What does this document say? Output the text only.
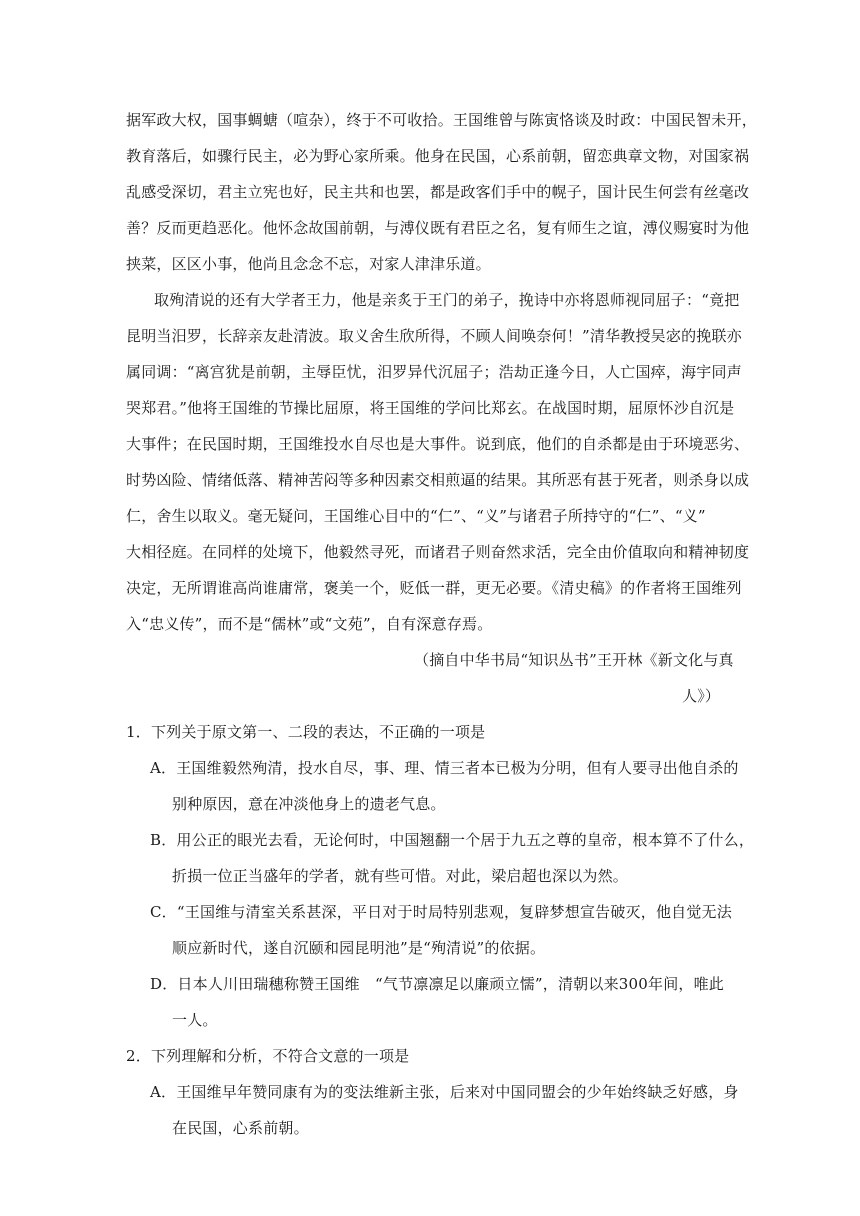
据军政大权，国事蜩螗（喧杂），终于不可收拾。王国维曾与陈寅恪谈及时政：中国民智未开，
教育落后，如骤行民主，必为野心家所乘。他身在民国，心系前朝，留恋典章文物，对国家祸
乱感受深切，君主立宪也好，民主共和也罢，都是政客们手中的幌子，国计民生何尝有丝毫改
善？反而更趋恶化。他怀念故国前朝，与溥仪既有君臣之名，复有师生之谊，溥仪赐宴时为他
挟菜，区区小事，他尚且念念不忘，对家人津津乐道。
取殉清说的还有大学者王力，他是亲炙于王门的弟子，挽诗中亦将恩师视同屈子：“竟把
昆明当汨罗，长辞亲友赴清波。取义舍生欣所得，不顾人间唤奈何！”清华教授吴宓的挽联亦
属同调：“离宫犹是前朝，主辱臣忧，汨罗异代沉屈子；浩劫正逢今日，人亡国瘁，海宇同声
哭郑君。”他将王国维的节操比屈原，将王国维的学问比郑玄。在战国时期，屈原怀沙自沉是
大事件；在民国时期，王国维投水自尽也是大事件。说到底，他们的自杀都是由于环境恶劣、
时势凶险、情绪低落、精神苦闷等多种因素交相煎逼的结果。其所恶有甚于死者，则杀身以成
仁，舍生以取义。毫无疑问，王国维心目中的“仁”、“义”与诸君子所持守的“仁”、“义”
大相径庭。在同样的处境下，他毅然寻死，而诸君子则奋然求活，完全由价值取向和精神韧度
决定，无所谓谁高尚谁庸常，褒美一个，贬低一群，更无必要。《清史稿》的作者将王国维列
入“忠义传”，而不是“儒林”或“文苑”，自有深意存焉。
（摘自中华书局“知识丛书”王开林《新文化与真
人》）
1．下列关于原文第一、二段的表达，不正确的一项是
A．王国维毅然殉清，投水自尽，事、理、情三者本已极为分明，但有人要寻出他自杀的
别种原因，意在冲淡他身上的遗老气息。
B．用公正的眼光去看，无论何时，中国翘翻一个居于九五之尊的皇帝，根本算不了什么，
折损一位正当盛年的学者，就有些可惜。对此，梁启超也深以为然。
C．“王国维与清室关系甚深，平日对于时局特别悲观，复辟梦想宣告破灭，他自觉无法
顺应新时代，遂自沉颐和园昆明池”是“殉清说”的依据。
D．日本人川田瑞穗称赞王国维　“气节凛凛足以廉顽立懦”，清朝以来300年间，唯此
一人。
2．下列理解和分析，不符合文意的一项是
A．王国维早年赞同康有为的变法维新主张，后来对中国同盟会的少年始终缺乏好感，身
在民国，心系前朝。
